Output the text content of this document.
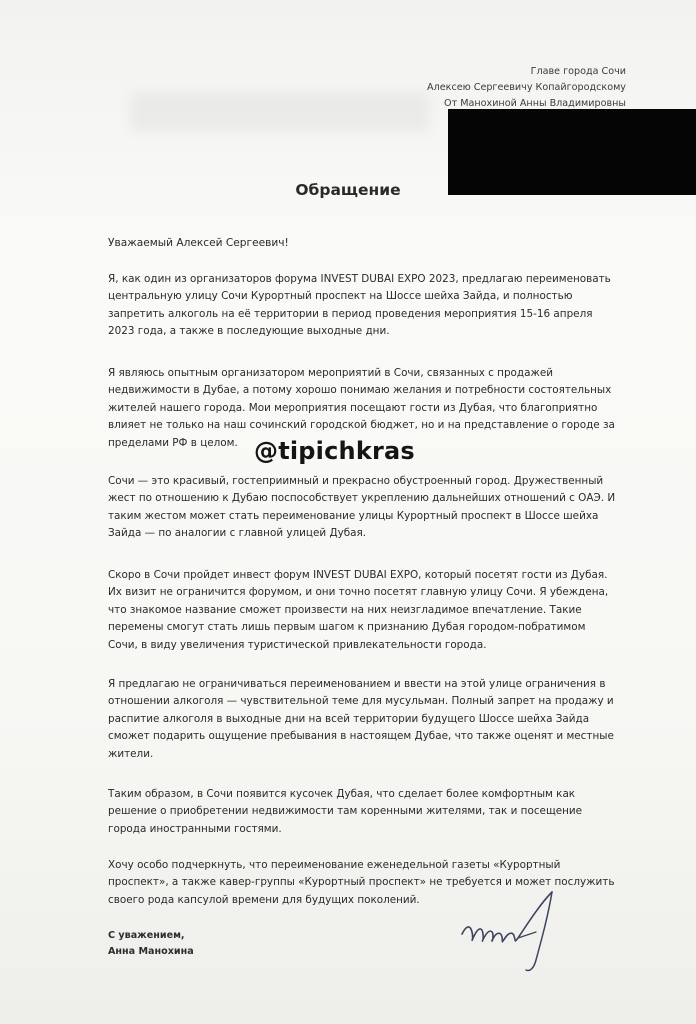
Главе города Сочи
Алексею Сергеевичу Копайгородскому
От Манохиной Анны Владимировны
Обращение
Уважаемый Алексей Сергеевич!

Я, как один из организаторов форума INVEST DUBAI EXPO 2023, предлагаю переименовать
центральную улицу Сочи Курортный проспект на Шоссе шейха Зайда, и полностью
запретить алкоголь на её территории в период проведения мероприятия 15-16 апреля
2023 года, а также в последующие выходные дни.

Я являюсь опытным организатором мероприятий в Сочи, связанных с продажей
недвижимости в Дубае, а потому хорошо понимаю желания и потребности состоятельных
жителей нашего города. Мои мероприятия посещают гости из Дубая, что благоприятно
влияет не только на наш сочинский городской бюджет, но и на представление о городе за
пределами РФ в целом. @tipichkras

Сочи — это красивый, гостеприимный и прекрасно обустроенный город. Дружественный
жест по отношению к Дубаю поспособствует укреплению дальнейших отношений с ОАЭ. И
таким жестом может стать переименование улицы Курортный проспект в Шоссе шейха
Зайда — по аналогии с главной улицей Дубая.

Скоро в Сочи пройдет инвест форум INVEST DUBAI EXPO, который посетят гости из Дубая.
Их визит не ограничится форумом, и они точно посетят главную улицу Сочи. Я убеждена,
что знакомое название сможет произвести на них неизгладимое впечатление. Такие
перемены смогут стать лишь первым шагом к признанию Дубая городом-побратимом
Сочи, в виду увеличения туристической привлекательности города.

Я предлагаю не ограничиваться переименованием и ввести на этой улице ограничения в
отношении алкоголя — чувствительной теме для мусульман. Полный запрет на продажу и
распитие алкоголя в выходные дни на всей территории будущего Шоссе шейха Зайда
сможет подарить ощущение пребывания в настоящем Дубае, что также оценят и местные
жители.

Таким образом, в Сочи появится кусочек Дубая, что сделает более комфортным как
решение о приобретении недвижимости там коренными жителями, так и посещение
города иностранными гостями.

Хочу особо подчеркнуть, что переименование еженедельной газеты «Курортный
проспект», а также кавер-группы «Курортный проспект» не требуется и может послужить
своего рода капсулой времени для будущих поколений.

С уважением,
Анна Манохина
